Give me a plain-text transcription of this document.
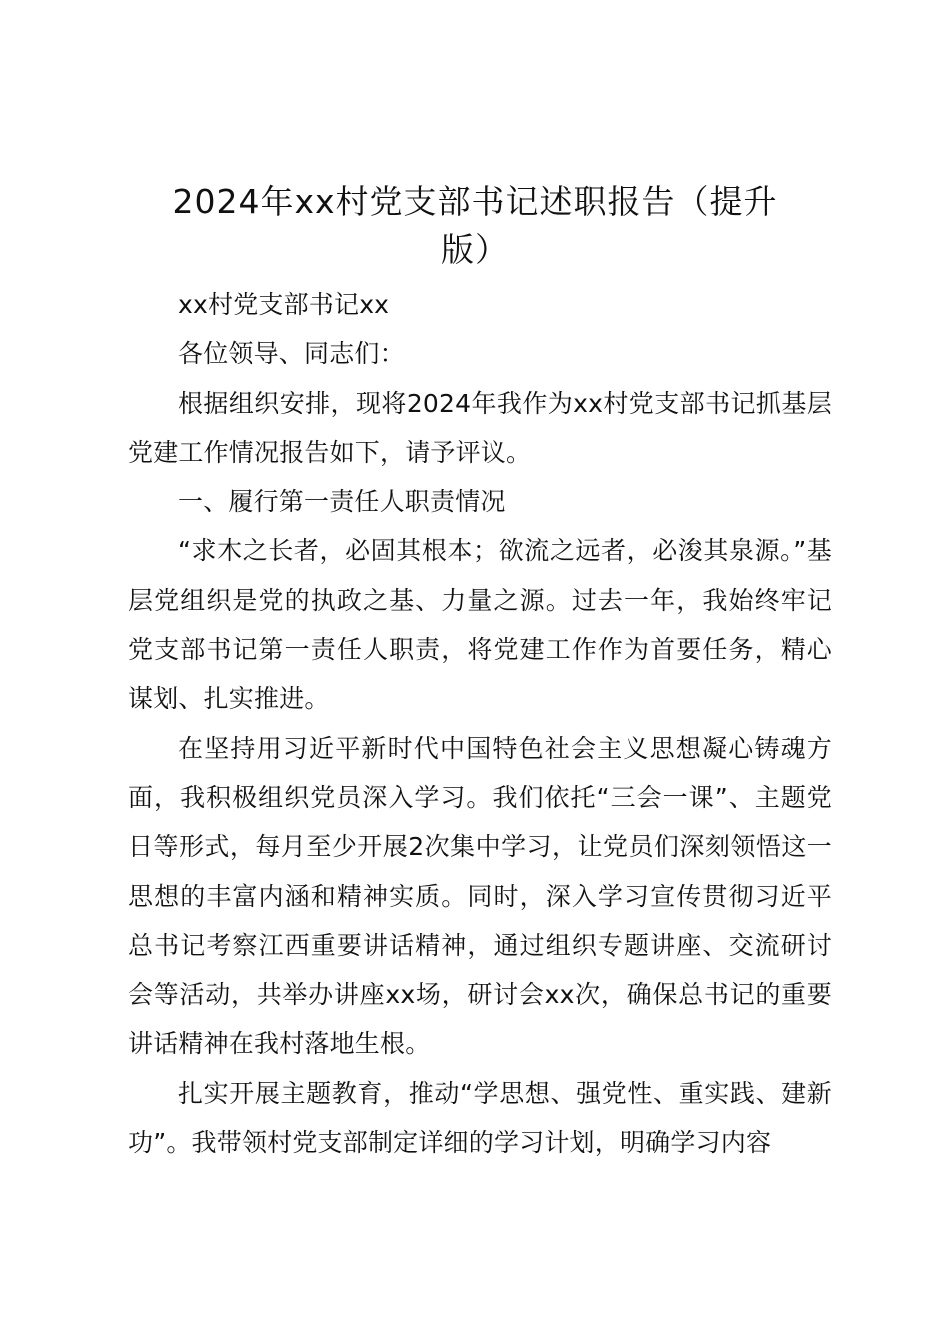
2024年xx村党支部书记述职报告（提升版）

xx村党支部书记xx

各位领导、同志们：

根据组织安排，现将2024年我作为xx村党支部书记抓基层党建工作情况报告如下，请予评议。

一、履行第一责任人职责情况

“求木之长者，必固其根本；欲流之远者，必浚其泉源。”基层党组织是党的执政之基、力量之源。过去一年，我始终牢记党支部书记第一责任人职责，将党建工作作为首要任务，精心谋划、扎实推进。

在坚持用习近平新时代中国特色社会主义思想凝心铸魂方面，我积极组织党员深入学习。我们依托“三会一课”、主题党日等形式，每月至少开展2次集中学习，让党员们深刻领悟这一思想的丰富内涵和精神实质。同时，深入学习宣传贯彻习近平总书记考察江西重要讲话精神，通过组织专题讲座、交流研讨会等活动，共举办讲座xx场，研讨会xx次，确保总书记的重要讲话精神在我村落地生根。

扎实开展主题教育，推动“学思想、强党性、重实践、建新功”。我带领村党支部制定详细的学习计划，明确学习内容
